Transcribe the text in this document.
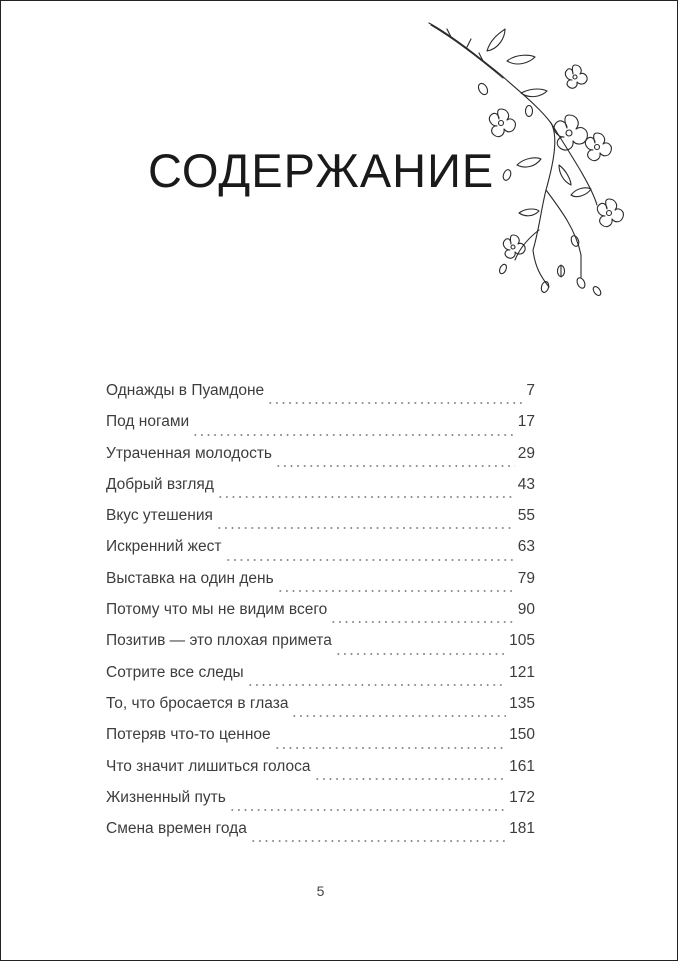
СОДЕРЖАНИЕ
Однажды в Пуамдоне	7
Под ногами	17
Утраченная молодость	29
Добрый взгляд	43
Вкус утешения	55
Искренний жест	63
Выставка на один день	79
Потому что мы не видим всего	90
Позитив — это плохая примета	105
Сотрите все следы	121
То, что бросается в глаза	135
Потеряв что-то ценное	150
Что значит лишиться голоса	161
Жизненный путь	172
Смена времен года	181
5
